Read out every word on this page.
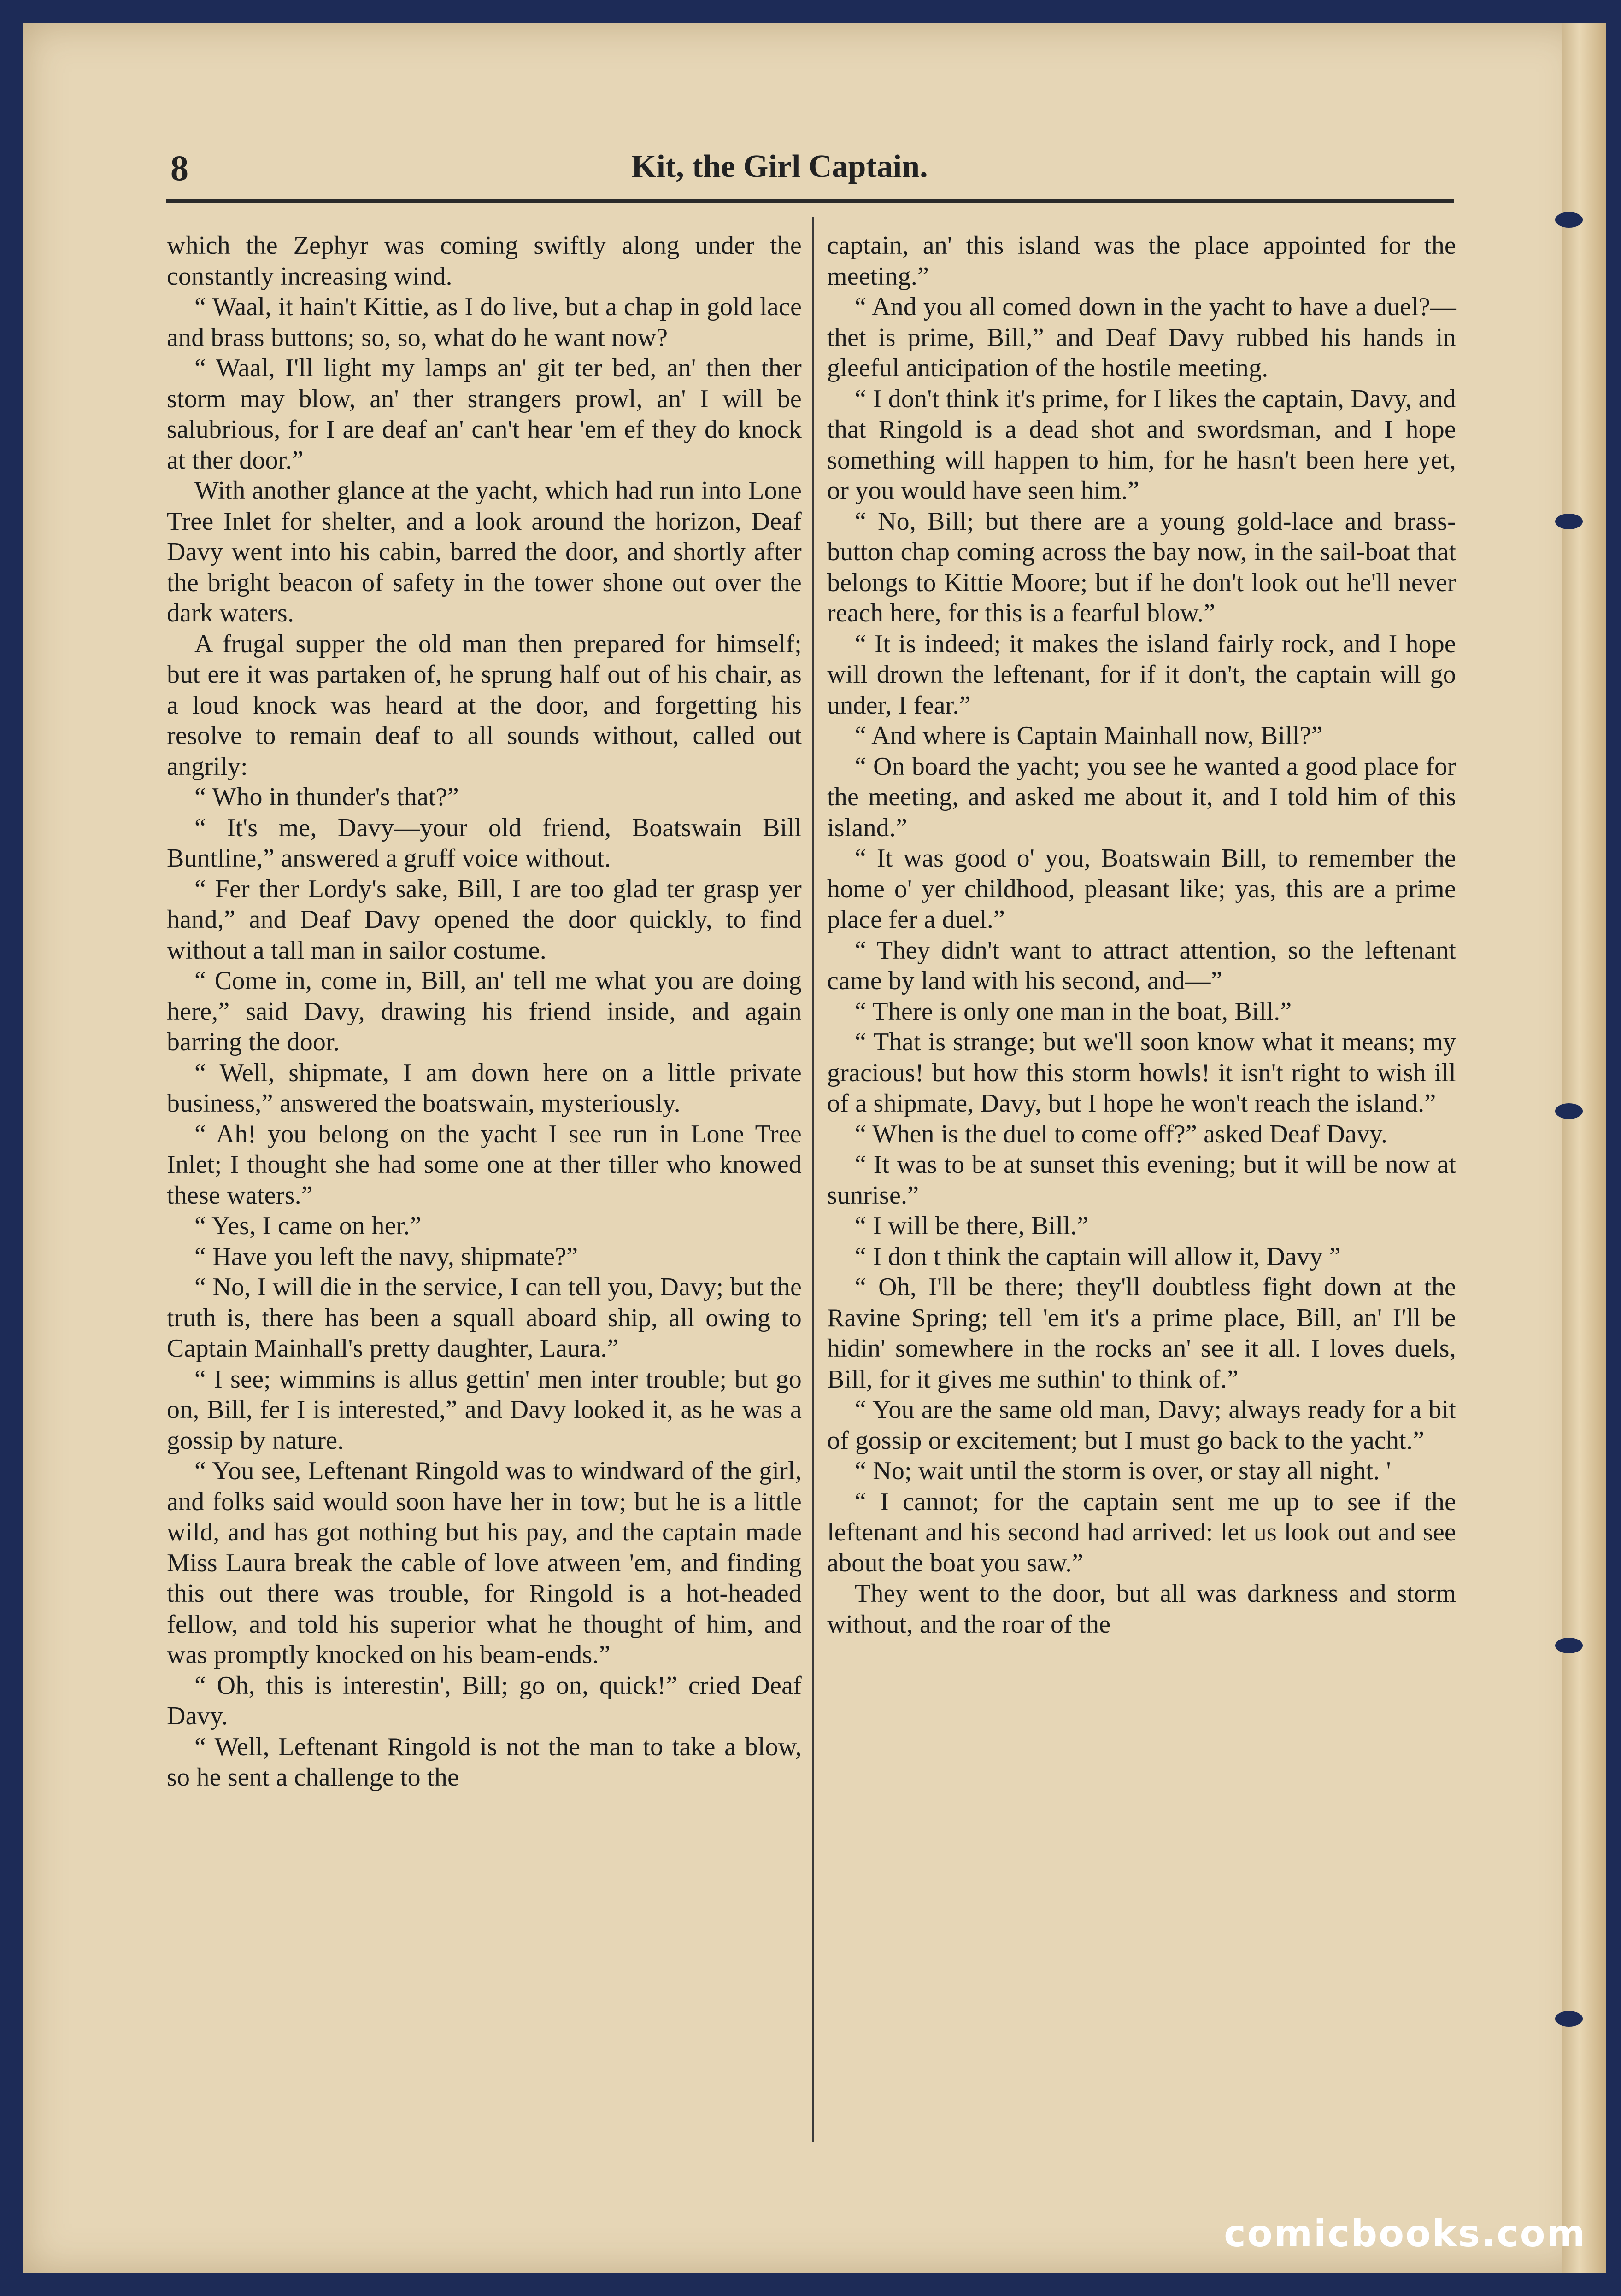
8	Kit, the Girl Captain.

which the Zephyr was coming swiftly along under the constantly increasing wind.

“ Waal, it hain't Kittie, as I do live, but a chap in gold lace and brass buttons; so, so, what do he want now?

“ Waal, I'll light my lamps an' git ter bed, an' then ther storm may blow, an' ther strangers prowl, an' I will be salubrious, for I are deaf an' can't hear 'em ef they do knock at ther door.”

With another glance at the yacht, which had run into Lone Tree Inlet for shelter, and a look around the horizon, Deaf Davy went into his cabin, barred the door, and shortly after the bright beacon of safety in the tower shone out over the dark waters.

A frugal supper the old man then prepared for himself; but ere it was partaken of, he sprung half out of his chair, as a loud knock was heard at the door, and forgetting his resolve to remain deaf to all sounds without, called out angrily:

“ Who in thunder's that?”

“ It's me, Davy—your old friend, Boatswain Bill Buntline,” answered a gruff voice without.

“ Fer ther Lordy's sake, Bill, I are too glad ter grasp yer hand,” and Deaf Davy opened the door quickly, to find without a tall man in sailor costume.

“ Come in, come in, Bill, an' tell me what you are doing here,” said Davy, drawing his friend inside, and again barring the door.

“ Well, shipmate, I am down here on a little private business,” answered the boatswain, mysteriously.

“ Ah! you belong on the yacht I see run in Lone Tree Inlet; I thought she had some one at ther tiller who knowed these waters.”

“ Yes, I came on her.”

“ Have you left the navy, shipmate?”

“ No, I will die in the service, I can tell you, Davy; but the truth is, there has been a squall aboard ship, all owing to Captain Mainhall's pretty daughter, Laura.”

“ I see; wimmins is allus gettin' men inter trouble; but go on, Bill, fer I is interested,” and Davy looked it, as he was a gossip by nature.

“ You see, Leftenant Ringold was to windward of the girl, and folks said would soon have her in tow; but he is a little wild, and has got nothing but his pay, and the captain made Miss Laura break the cable of love atween 'em, and finding this out there was trouble, for Ringold is a hot-headed fellow, and told his superior what he thought of him, and was promptly knocked on his beam-ends.”

“ Oh, this is interestin', Bill; go on, quick!” cried Deaf Davy.

“ Well, Leftenant Ringold is not the man to take a blow, so he sent a challenge to the

captain, an' this island was the place appointed for the meeting.”

“ And you all comed down in the yacht to have a duel?—thet is prime, Bill,” and Deaf Davy rubbed his hands in gleeful anticipation of the hostile meeting.

“ I don't think it's prime, for I likes the captain, Davy, and that Ringold is a dead shot and swordsman, and I hope something will happen to him, for he hasn't been here yet, or you would have seen him.”

“ No, Bill; but there are a young gold-lace and brass-button chap coming across the bay now, in the sail-boat that belongs to Kittie Moore; but if he don't look out he'll never reach here, for this is a fearful blow.”

“ It is indeed; it makes the island fairly rock, and I hope will drown the leftenant, for if it don't, the captain will go under, I fear.”

“ And where is Captain Mainhall now, Bill?”

“ On board the yacht; you see he wanted a good place for the meeting, and asked me about it, and I told him of this island.”

“ It was good o' you, Boatswain Bill, to remember the home o' yer childhood, pleasant like; yas, this are a prime place fer a duel.”

“ They didn't want to attract attention, so the leftenant came by land with his second, and—”

“ There is only one man in the boat, Bill.”

“ That is strange; but we'll soon know what it means; my gracious! but how this storm howls! it isn't right to wish ill of a shipmate, Davy, but I hope he won't reach the island.”

“ When is the duel to come off?” asked Deaf Davy.

“ It was to be at sunset this evening; but it will be now at sunrise.”

“ I will be there, Bill.”

“ I don t think the captain will allow it, Davy ”

“ Oh, I'll be there; they'll doubtless fight down at the Ravine Spring; tell 'em it's a prime place, Bill, an' I'll be hidin' somewhere in the rocks an' see it all. I loves duels, Bill, for it gives me suthin' to think of.”

“ You are the same old man, Davy; always ready for a bit of gossip or excitement; but I must go back to the yacht.”

“ No; wait until the storm is over, or stay all night. '

“ I cannot; for the captain sent me up to see if the leftenant and his second had arrived: let us look out and see about the boat you saw.”

They went to the door, but all was darkness and storm without, and the roar of the

comicbooks.com
